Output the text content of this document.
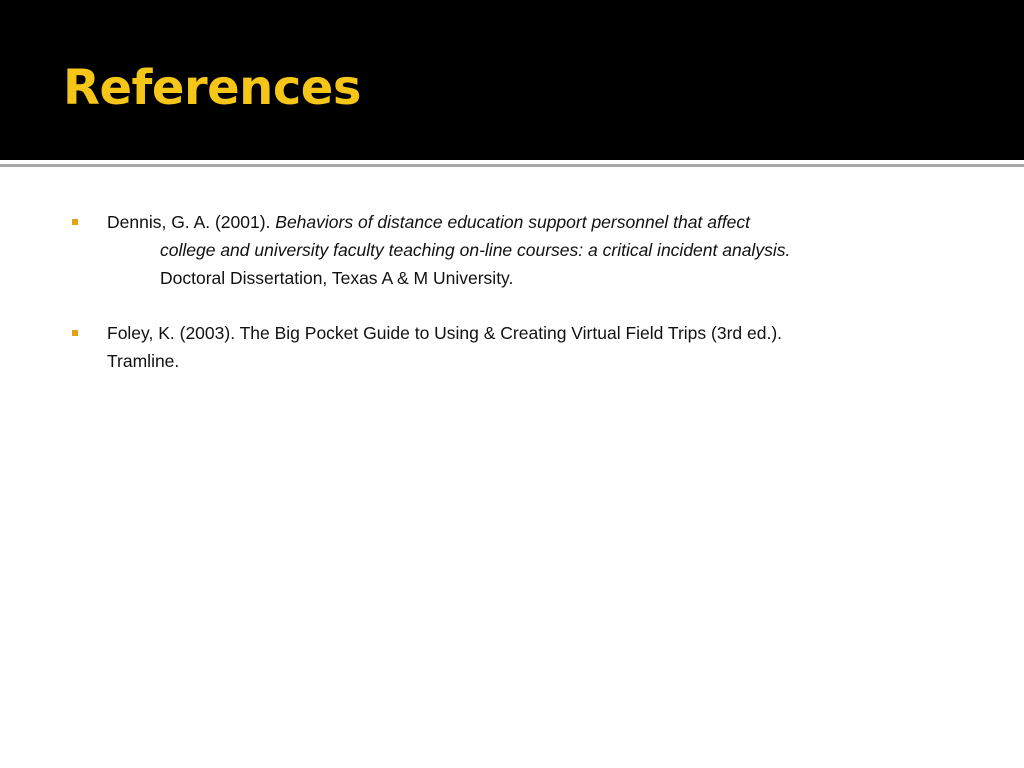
References
Dennis, G. A. (2001). Behaviors of distance education support personnel that affect
college and university faculty teaching on-line courses: a critical incident analysis.
Doctoral Dissertation, Texas A & M University.
Foley, K. (2003). The Big Pocket Guide to Using & Creating Virtual Field Trips (3rd ed.).
Tramline.
